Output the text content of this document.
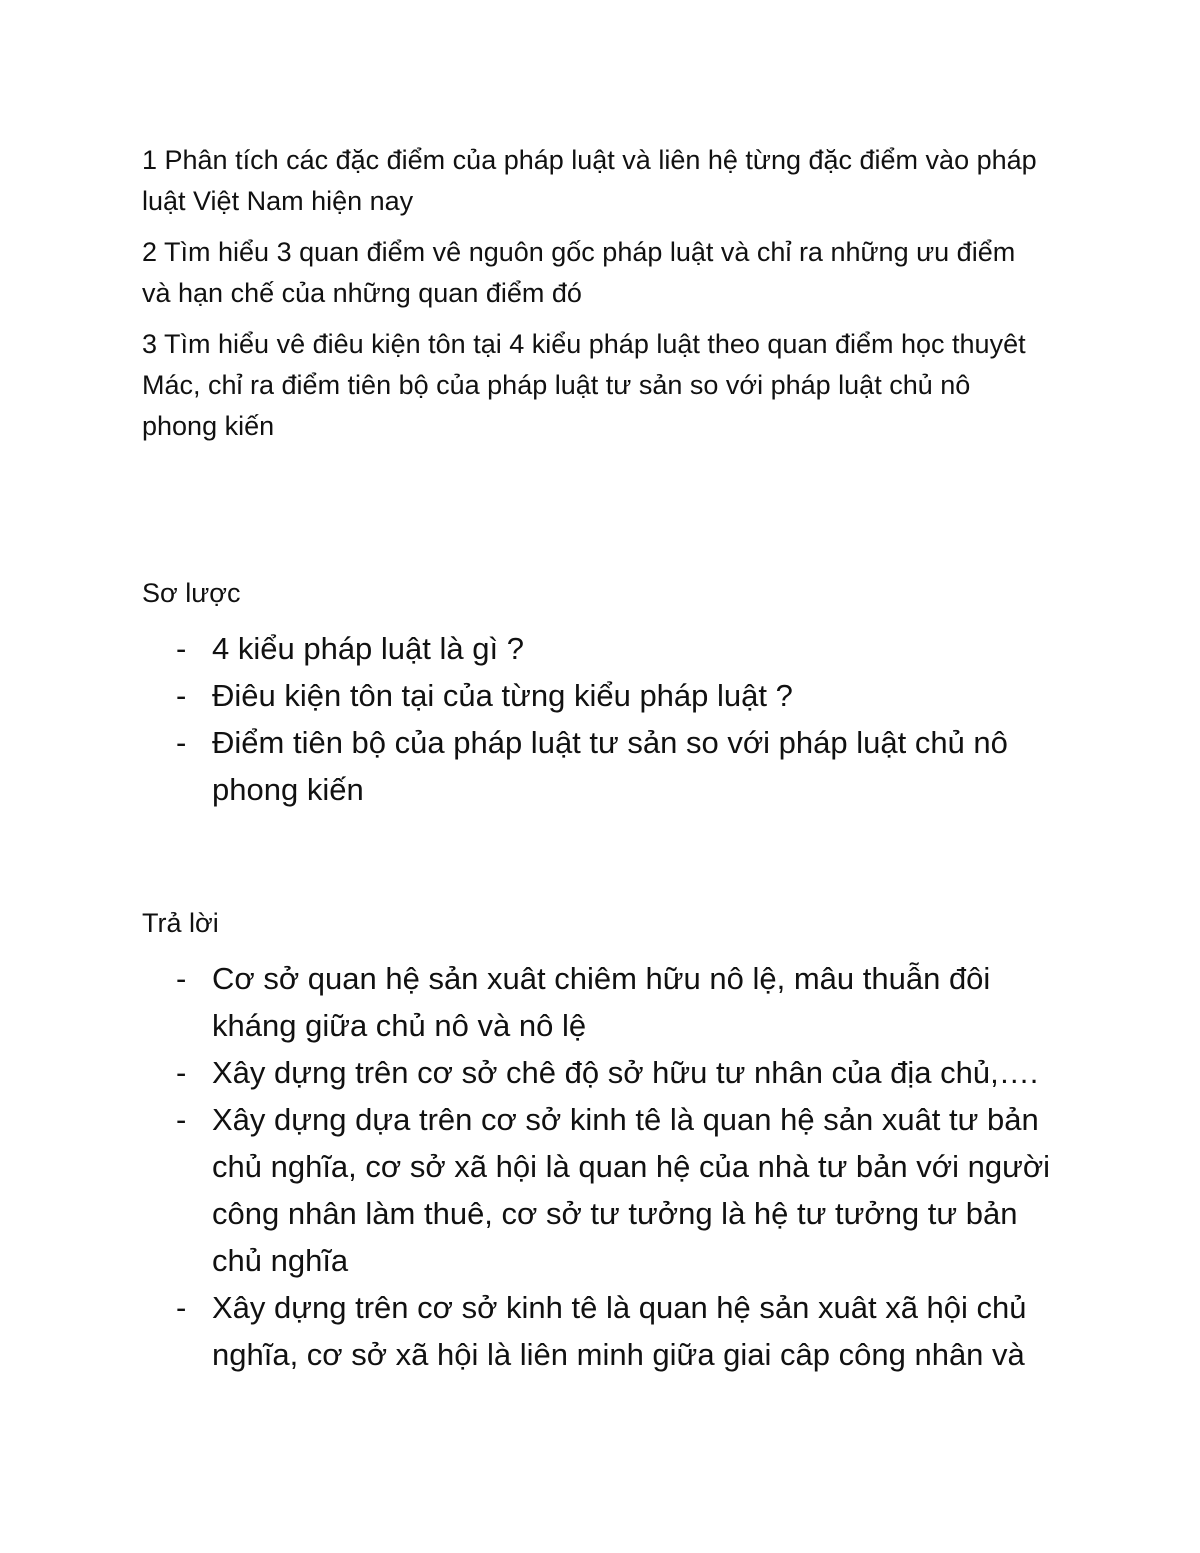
1 Phân tích các đặc điểm của pháp luật và liên hệ từng đặc điểm vào pháp luật Việt Nam hiện nay

2 Tìm hiểu 3 quan điểm vê nguôn gốc pháp luật và chỉ ra những ưu điểm và hạn chế của những quan điểm đó

3 Tìm hiểu vê điêu kiện tôn tại 4 kiểu pháp luật theo quan điểm học thuyêt Mác, chỉ ra điểm tiên bộ của pháp luật tư sản so với pháp luật chủ nô phong kiến

Sơ lược

- 4 kiểu pháp luật là gì ?
- Điêu kiện tôn tại của từng kiểu pháp luật ?
- Điểm tiên bộ của pháp luật tư sản so với pháp luật chủ nô phong kiến

Trả lời

- Cơ sở quan hệ sản xuât chiêm hữu nô lệ, mâu thuẫn đôi kháng giữa chủ nô và nô lệ
- Xây dựng trên cơ sở chê độ sở hữu tư nhân của địa chủ,….
- Xây dựng dựa trên cơ sở kinh tê là quan hệ sản xuât tư bản chủ nghĩa, cơ sở xã hội là quan hệ của nhà tư bản với người công nhân làm thuê, cơ sở tư tưởng là hệ tư tưởng tư bản chủ nghĩa
- Xây dựng trên cơ sở kinh tê là quan hệ sản xuât xã hội chủ nghĩa, cơ sở xã hội là liên minh giữa giai câp công nhân và
